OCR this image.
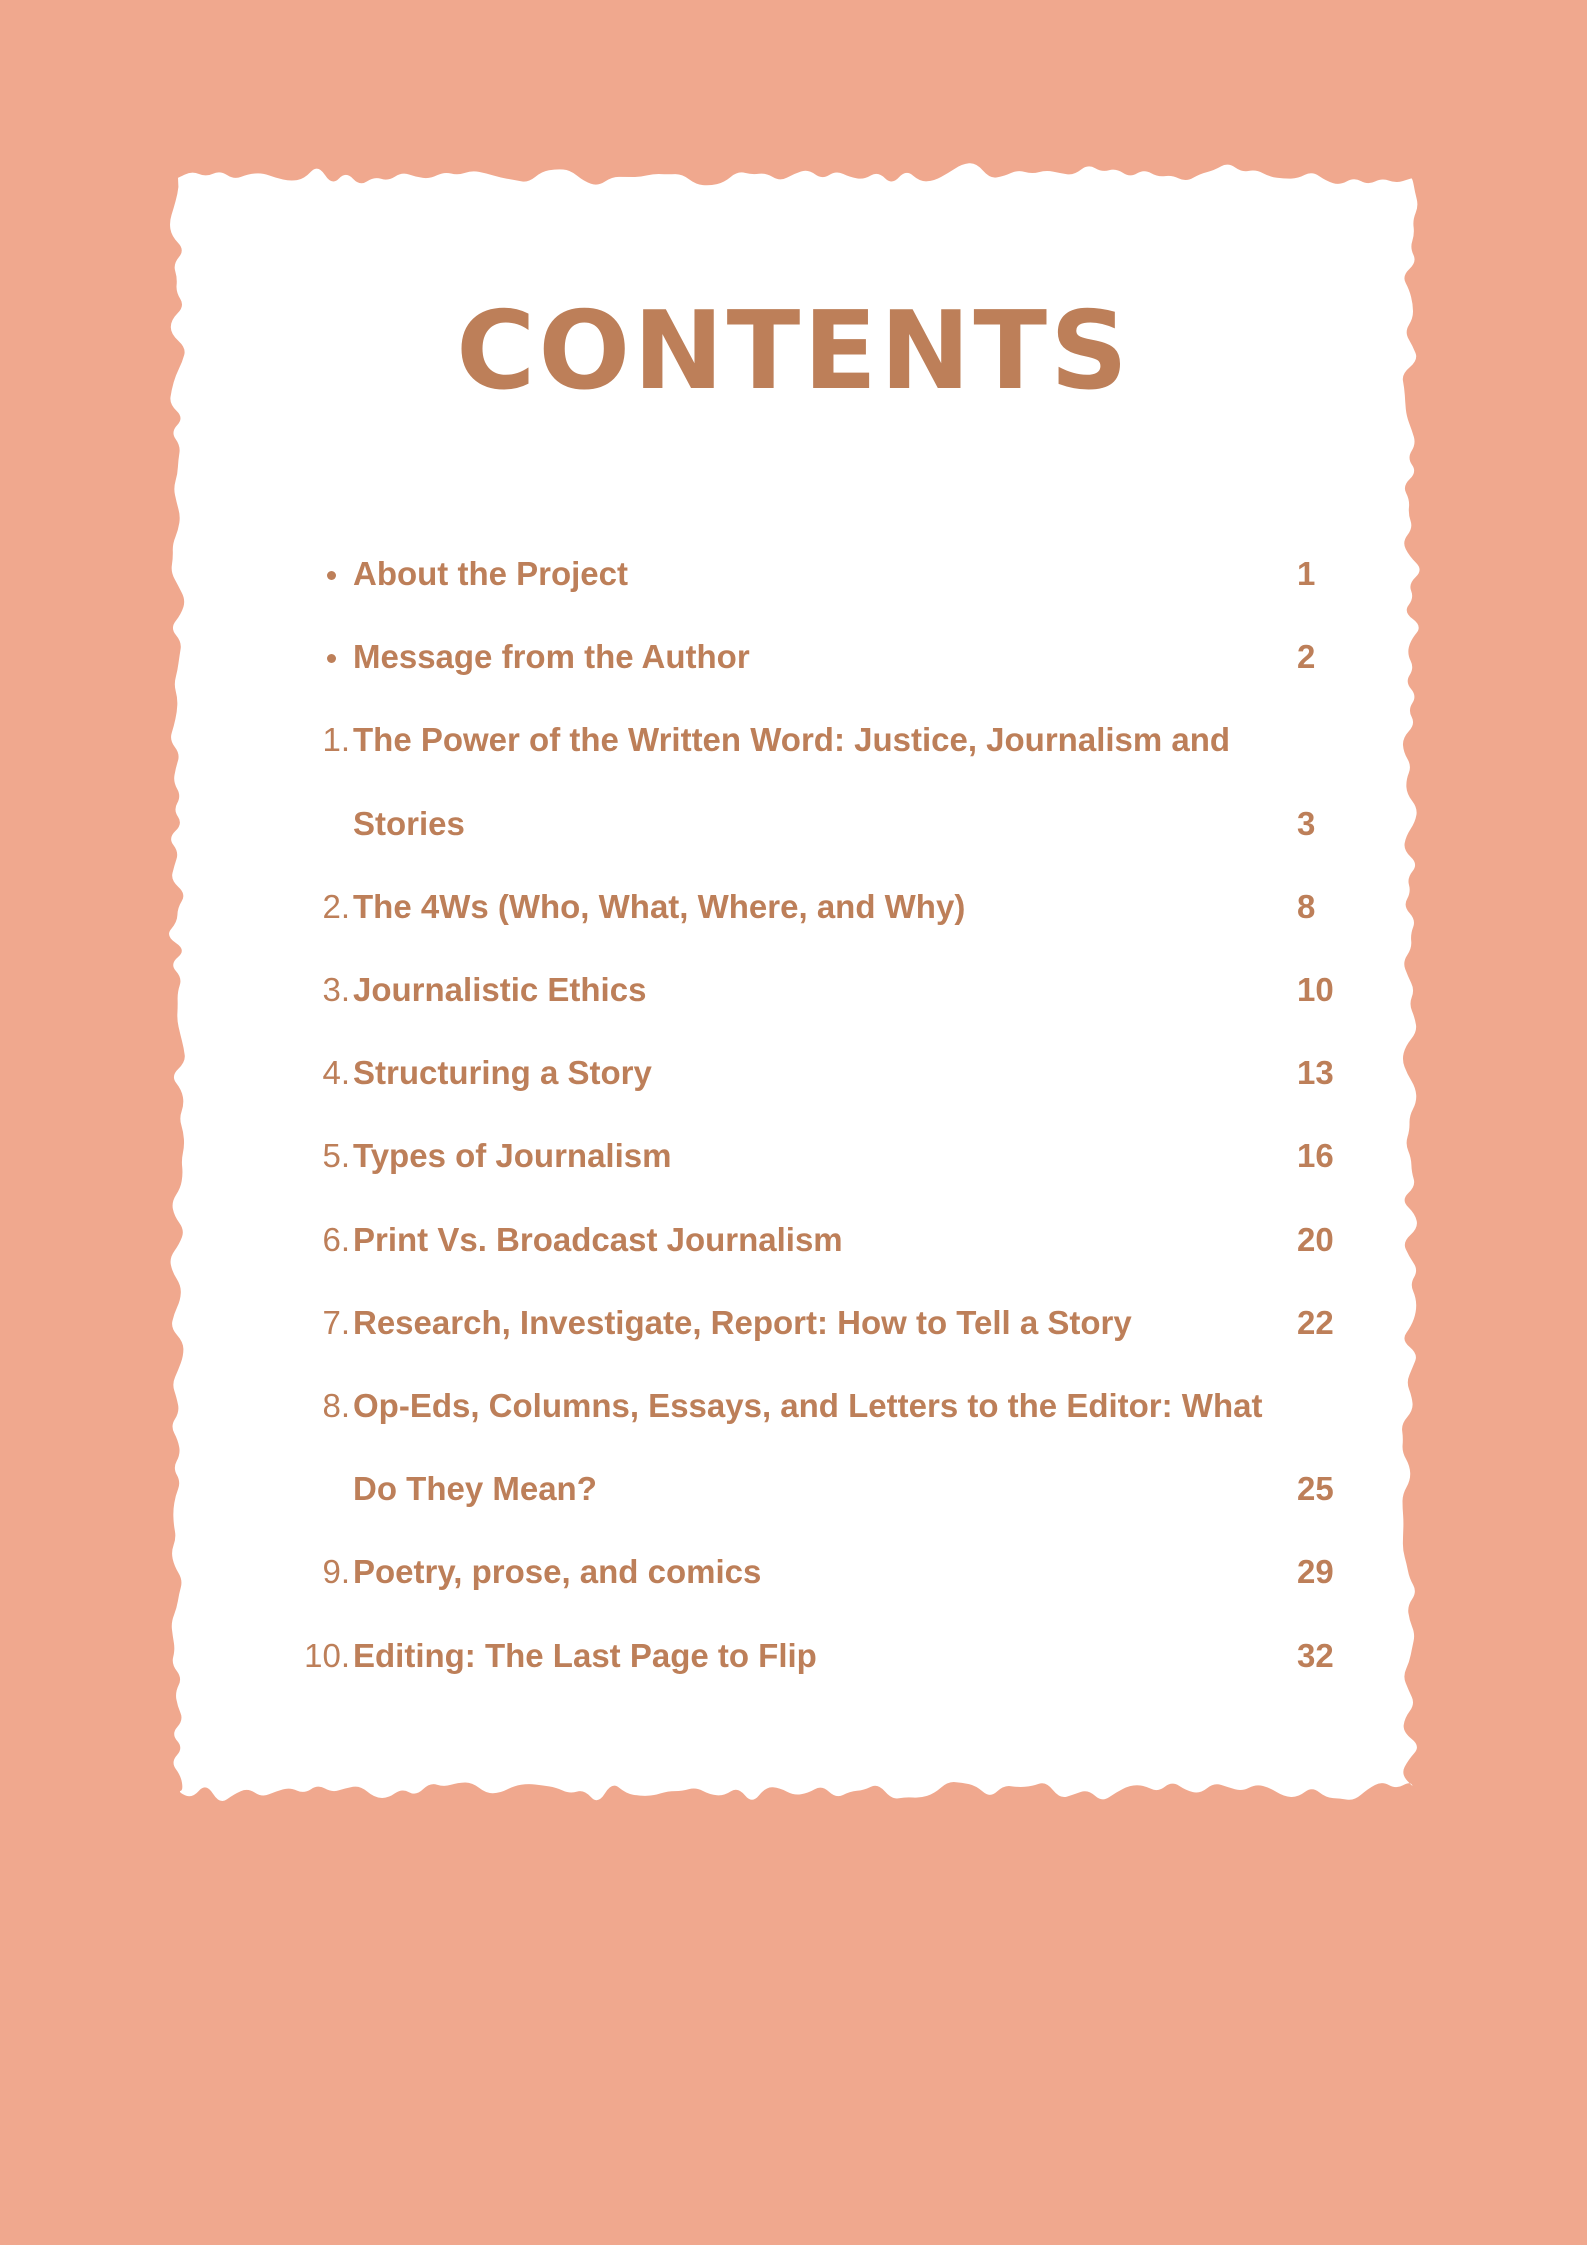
CONTENTS
About the Project	1
Message from the Author	2
1. The Power of the Written Word: Justice, Journalism and
Stories	3
2. The 4Ws (Who, What, Where, and Why)	8
3. Journalistic Ethics	10
4. Structuring a Story	13
5. Types of Journalism	16
6. Print Vs. Broadcast Journalism	20
7. Research, Investigate, Report: How to Tell a Story	22
8. Op-Eds, Columns, Essays, and Letters to the Editor: What
Do They Mean?	25
9. Poetry, prose, and comics	29
10. Editing: The Last Page to Flip	32
